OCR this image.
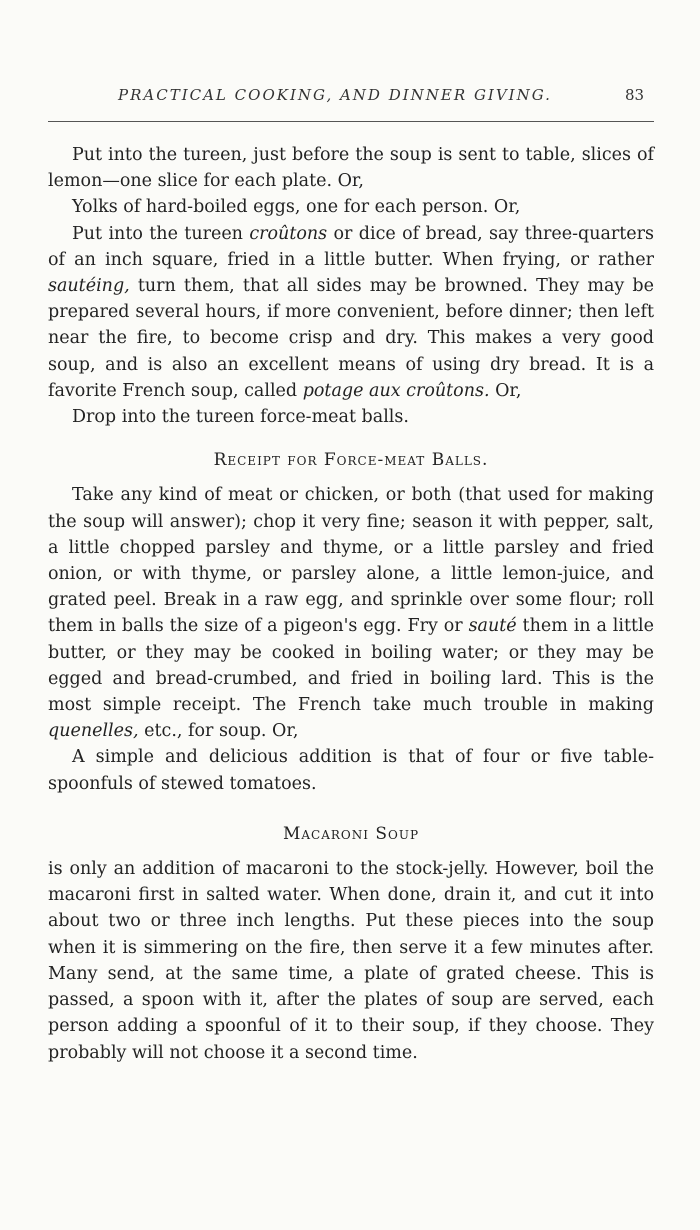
PRACTICAL COOKING, AND DINNER GIVING.	83

Put into the tureen, just before the soup is sent to table, slices of lemon—one slice for each plate. Or,

Yolks of hard-boiled eggs, one for each person. Or,

Put into the tureen croûtons or dice of bread, say three-quarters of an inch square, fried in a little butter. When frying, or rather sautéing, turn them, that all sides may be browned. They may be prepared several hours, if more convenient, before dinner; then left near the fire, to become crisp and dry. This makes a very good soup, and is also an excellent means of using dry bread. It is a favorite French soup, called potage aux croûtons. Or,

Drop into the tureen force-meat balls.

Receipt for Force-meat Balls.

Take any kind of meat or chicken, or both (that used for making the soup will answer); chop it very fine; season it with pepper, salt, a little chopped parsley and thyme, or a little parsley and fried onion, or with thyme, or parsley alone, a little lemon-juice, and grated peel. Break in a raw egg, and sprinkle over some flour; roll them in balls the size of a pigeon's egg. Fry or sauté them in a little butter, or they may be cooked in boiling water; or they may be egged and bread-crumbed, and fried in boiling lard. This is the most simple receipt. The French take much trouble in making quenelles, etc., for soup. Or,

A simple and delicious addition is that of four or five table-spoonfuls of stewed tomatoes.

Macaroni Soup

is only an addition of macaroni to the stock-jelly. However, boil the macaroni first in salted water. When done, drain it, and cut it into about two or three inch lengths. Put these pieces into the soup when it is simmering on the fire, then serve it a few minutes after. Many send, at the same time, a plate of grated cheese. This is passed, a spoon with it, after the plates of soup are served, each person adding a spoonful of it to their soup, if they choose. They probably will not choose it a second time.
